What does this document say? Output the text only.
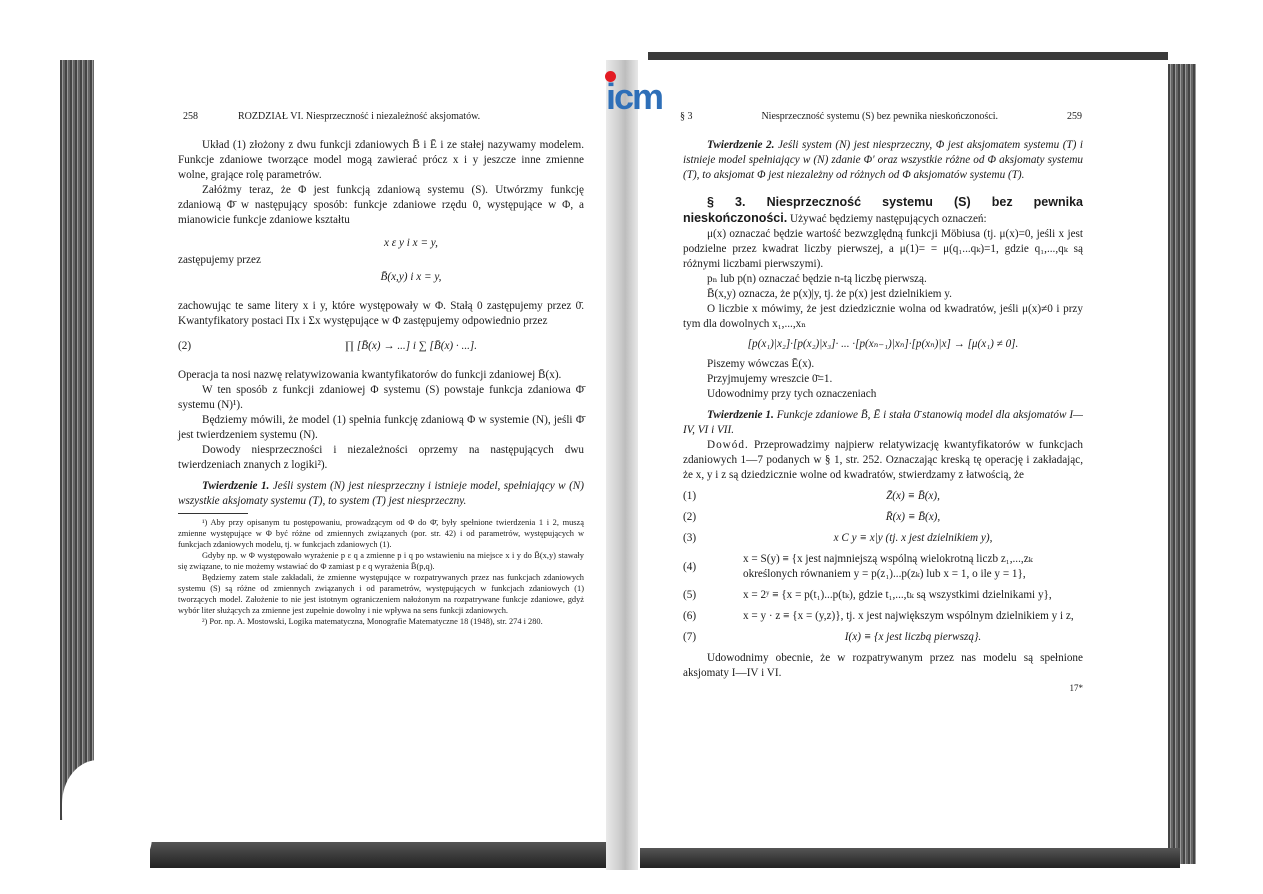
icm
258	ROZDZIAŁ VI. Niesprzeczność i niezależność aksjomatów.

Układ (1) złożony z dwu funkcji zdaniowych B̄ i Ē i ze stałej nazywamy modelem. Funkcje zdaniowe tworzące model mogą zawierać prócz x i y jeszcze inne zmienne wolne, grające rolę parametrów.

Załóżmy teraz, że Φ jest funkcją zdaniową systemu (S). Utwórzmy funkcję zdaniową Φ̄ w następujący sposób: funkcje zdaniowe rzędu 0, występujące w Φ, a mianowicie funkcje zdaniowe kształtu

x ε y i x = y,

zastępujemy przez

B̄(x,y) i x = y,

zachowując te same litery x i y, które występowały w Φ. Stałą 0 zastępujemy przez 0̄. Kwantyfikatory postaci Πx i Σx występujące w Φ zastępujemy odpowiednio przez

(2)	∏ [B̄(x) → ...] i ∑ [B̄(x) · ...].

Operacja ta nosi nazwę relatywizowania kwantyfikatorów do funkcji zdaniowej B̄(x).

W ten sposób z funkcji zdaniowej Φ systemu (S) powstaje funkcja zdaniowa Φ̄ systemu (N)¹).

Będziemy mówili, że model (1) spełnia funkcję zdaniową Φ w systemie (N), jeśli Φ̄ jest twierdzeniem systemu (N).

Dowody niesprzeczności i niezależności oprzemy na następujących dwu twierdzeniach znanych z logiki²).

Twierdzenie 1. Jeśli system (N) jest niesprzeczny i istnieje model, spełniający w (N) wszystkie aksjomaty systemu (T), to system (T) jest niesprzeczny.

¹) Aby przy opisanym tu postępowaniu, prowadzącym od Φ do Φ̄, były spełnione twierdzenia 1 i 2, muszą zmienne występujące w Φ być różne od zmiennych związanych (por. str. 42) i od parametrów, występujących w funkcjach zdaniowych modelu, tj. w funkcjach zdaniowych (1).

Gdyby np. w Φ występowało wyrażenie p ε q a zmienne p i q po wstawieniu na miejsce x i y do B̄(x,y) stawały się związane, to nie możemy wstawiać do Φ zamiast p ε q wyrażenia B̄(p,q).

Będziemy zatem stale zakładali, że zmienne występujące w rozpatrywanych przez nas funkcjach zdaniowych systemu (S) są różne od zmiennych związanych i od parametrów, występujących w funkcjach zdaniowych (1) tworzących model. Założenie to nie jest istotnym ograniczeniem nałożonym na rozpatrywane funkcje zdaniowe, gdyż wybór liter służących za zmienne jest zupełnie dowolny i nie wpływa na sens funkcji zdaniowych.

²) Por. np. A. Mostowski, Logika matematyczna, Monografie Matematyczne 18 (1948), str. 274 i 280.

§ 3	Niesprzeczność systemu (S) bez pewnika nieskończoności.	259

Twierdzenie 2. Jeśli system (N) jest niesprzeczny, Φ jest aksjomatem systemu (T) i istnieje model spełniający w (N) zdanie Φ' oraz wszystkie różne od Φ aksjomaty systemu (T), to aksjomat Φ jest niezależny od różnych od Φ aksjomatów systemu (T).

§ 3. Niesprzeczność systemu (S) bez pewnika nieskończoności. Używać będziemy następujących oznaczeń:

μ(x) oznaczać będzie wartość bezwzględną funkcji Möbiusa (tj. μ(x)=0, jeśli x jest podzielne przez kwadrat liczby pierwszej, a μ(1)= = μ(q₁...qₖ)=1, gdzie q₁,...,qₖ są różnymi liczbami pierwszymi).

pₙ lub p(n) oznaczać będzie n-tą liczbę pierwszą.

B̄(x,y) oznacza, że p(x)|y, tj. że p(x) jest dzielnikiem y.

O liczbie x mówimy, że jest dziedzicznie wolna od kwadratów, jeśli μ(x)≠0 i przy tym dla dowolnych x₁,...,xₙ

[p(x₁)|x₂]·[p(x₂)|x₃]· ... ·[p(xₙ₋₁)|xₙ]·[p(xₙ)|x] → [μ(x₁) ≠ 0].

Piszemy wówczas Ē(x).

Przyjmujemy wreszcie 0̄=1.

Udowodnimy przy tych oznaczeniach

Twierdzenie 1. Funkcje zdaniowe B̄, Ē i stała 0̄ stanowią model dla aksjomatów I—IV, VI i VII.

Dowód. Przeprowadzimy najpierw relatywizację kwantyfikatorów w funkcjach zdaniowych 1—7 podanych w § 1, str. 252. Oznaczając kreską tę operację i zakładając, że x, y i z są dziedzicznie wolne od kwadratów, stwierdzamy z łatwością, że

(1)	Z̄(x) ≡ B̄(x),
(2)	R̄(x) ≡ B̄(x),
(3)	x C y ≡ x|y (tj. x jest dzielnikiem y),
(4)
x = S(y) ≡ {x jest najmniejszą wspólną wielokrotną liczb z₁,...,zₖ określonych równaniem y = p(z₁)...p(zₖ) lub x = 1, o ile y = 1},
(5)	x = 2ʸ ≡ {x = p(t₁)...p(tₖ), gdzie t₁,...,tₖ są wszystkimi dzielnikami y},
(6)	x = y · z ≡ {x = (y,z)}, tj. x jest największym wspólnym dzielnikiem y i z,
(7)	I(x) ≡ {x jest liczbą pierwszą}.

Udowodnimy obecnie, że w rozpatrywanym przez nas modelu są spełnione aksjomaty I—IV i VI.

17*
